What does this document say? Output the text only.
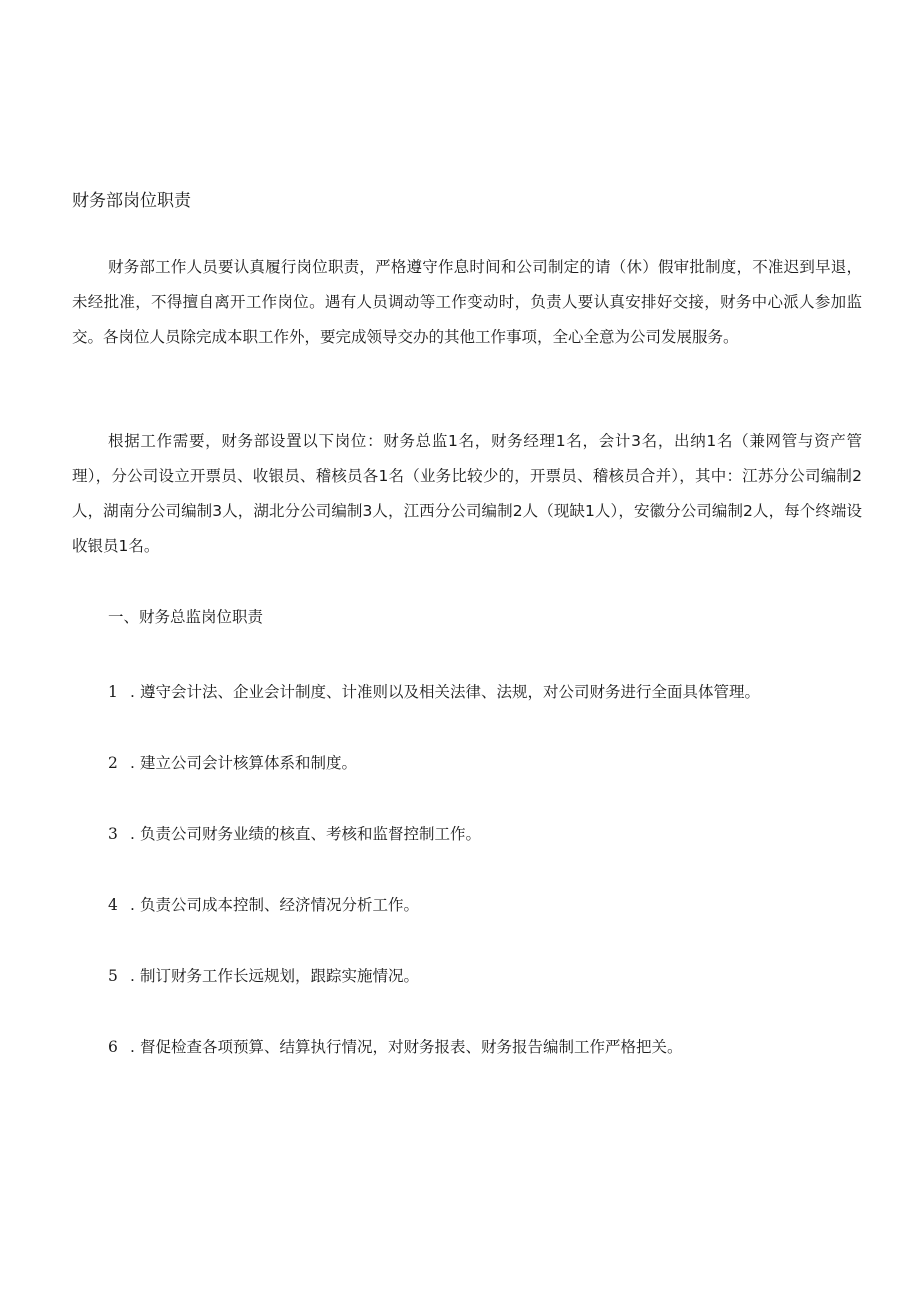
财务部岗位职责

财务部工作人员要认真履行岗位职责，严格遵守作息时间和公司制定的请（休）假审批制度，不准迟到早退，未经批准，不得擅自离开工作岗位。遇有人员调动等工作变动时，负责人要认真安排好交接，财务中心派人参加监交。各岗位人员除完成本职工作外，要完成领导交办的其他工作事项，全心全意为公司发展服务。

根据工作需要，财务部设置以下岗位：财务总监1名，财务经理1名，会计3名，出纳1名（兼网管与资产管理），分公司设立开票员、收银员、稽核员各1名（业务比较少的，开票员、稽核员合并），其中：江苏分公司编制2人，湖南分公司编制3人，湖北分公司编制3人，江西分公司编制2人（现缺1人），安徽分公司编制2人，每个终端设收银员1名。

一、财务总监岗位职责
1 . 遵守会计法、企业会计制度、计准则以及相关法律、法规，对公司财务进行全面具体管理。
2 . 建立公司会计核算体系和制度。
3 . 负责公司财务业绩的核直、考核和监督控制工作。
4 . 负责公司成本控制、经济情况分析工作。
5 . 制订财务工作长远规划，跟踪实施情况。
6 . 督促检查各项预算、结算执行情况，对财务报表、财务报告编制工作严格把关。
